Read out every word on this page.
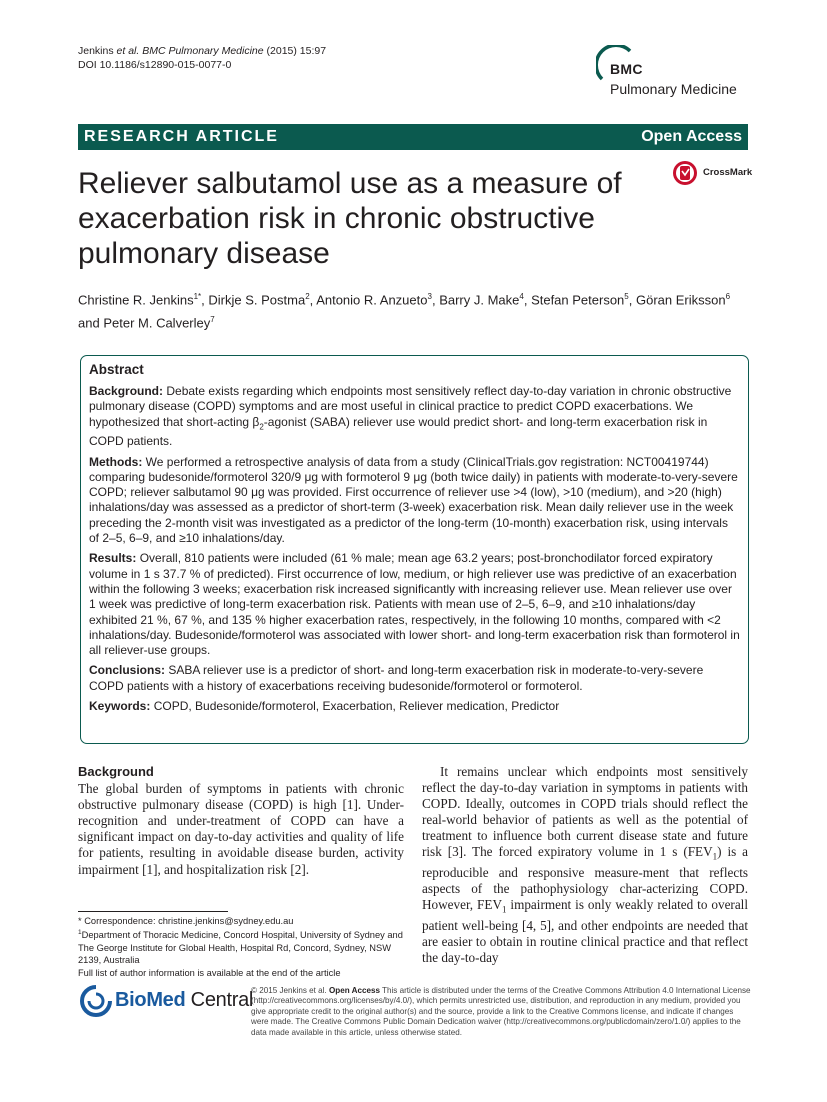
Jenkins et al. BMC Pulmonary Medicine (2015) 15:97
DOI 10.1186/s12890-015-0077-0	BMC
Pulmonary Medicine
RESEARCH ARTICLE	Open Access
Reliever salbutamol use as a measure of exacerbation risk in chronic obstructive pulmonary disease
CrossMark
Christine R. Jenkins$^{1*}$, Dirkje S. Postma$^2$, Antonio R. Anzueto$^3$, Barry J. Make$^4$, Stefan Peterson$^5$, Göran Eriksson$^6$
and Peter M. Calverley$^7$
Abstract

Background: Debate exists regarding which endpoints most sensitively reflect day-to-day variation in chronic obstructive pulmonary disease (COPD) symptoms and are most useful in clinical practice to predict COPD exacerbations. We hypothesized that short-acting $\beta_2$-agonist (SABA) reliever use would predict short- and long-term exacerbation risk in COPD patients.

Methods: We performed a retrospective analysis of data from a study (ClinicalTrials.gov registration: NCT00419744) comparing budesonide/formoterol 320/9 μg with formoterol 9 μg (both twice daily) in patients with moderate-to-very-severe COPD; reliever salbutamol 90 μg was provided. First occurrence of reliever use >4 (low), >10 (medium), and >20 (high) inhalations/day was assessed as a predictor of short-term (3-week) exacerbation risk. Mean daily reliever use in the week preceding the 2-month visit was investigated as a predictor of the long-term (10-month) exacerbation risk, using intervals of 2–5, 6–9, and ≥10 inhalations/day.

Results: Overall, 810 patients were included (61 % male; mean age 63.2 years; post-bronchodilator forced expiratory volume in 1 s 37.7 % of predicted). First occurrence of low, medium, or high reliever use was predictive of an exacerbation within the following 3 weeks; exacerbation risk increased significantly with increasing reliever use. Mean reliever use over 1 week was predictive of long-term exacerbation risk. Patients with mean use of 2–5, 6–9, and ≥10 inhalations/day exhibited 21 %, 67 %, and 135 % higher exacerbation rates, respectively, in the following 10 months, compared with <2 inhalations/day. Budesonide/formoterol was associated with lower short- and long-term exacerbation risk than formoterol in all reliever-use groups.

Conclusions: SABA reliever use is a predictor of short- and long-term exacerbation risk in moderate-to-very-severe COPD patients with a history of exacerbations receiving budesonide/formoterol or formoterol.

Keywords: COPD, Budesonide/formoterol, Exacerbation, Reliever medication, Predictor

Background

The global burden of symptoms in patients with chronic obstructive pulmonary disease (COPD) is high [1]. Under-recognition and under-treatment of COPD can have a significant impact on day-to-day activities and quality of life for patients, resulting in avoidable disease burden, activity impairment [1], and hospitalization risk [2].

It remains unclear which endpoints most sensitively reflect the day-to-day variation in symptoms in patients with COPD. Ideally, outcomes in COPD trials should reflect the real-world behavior of patients as well as the potential of treatment to influence both current disease state and future risk [3]. The forced expiratory volume in 1 s $(FEV_1)$ is a reproducible and responsive measure-ment that reflects aspects of the pathophysiology char-acterizing COPD. However, $FEV_1$ impairment is only weakly related to overall patient well-being [4, 5], and other endpoints are needed that are easier to obtain in routine clinical practice and that reflect the day-to-day

* Correspondence: christine.jenkins@sydney.edu.au

$^1$Department of Thoracic Medicine, Concord Hospital, University of Sydney and The George Institute for Global Health, Hospital Rd, Concord, Sydney, NSW 2139, Australia

Full list of author information is available at the end of the article

BioMed Central
© 2015 Jenkins et al. Open Access This article is distributed under the terms of the Creative Commons Attribution 4.0 International License (http://creativecommons.org/licenses/by/4.0/), which permits unrestricted use, distribution, and reproduction in any medium, provided you give appropriate credit to the original author(s) and the source, provide a link to the Creative Commons license, and indicate if changes were made. The Creative Commons Public Domain Dedication waiver (http://creativecommons.org/publicdomain/zero/1.0/) applies to the data made available in this article, unless otherwise stated.
